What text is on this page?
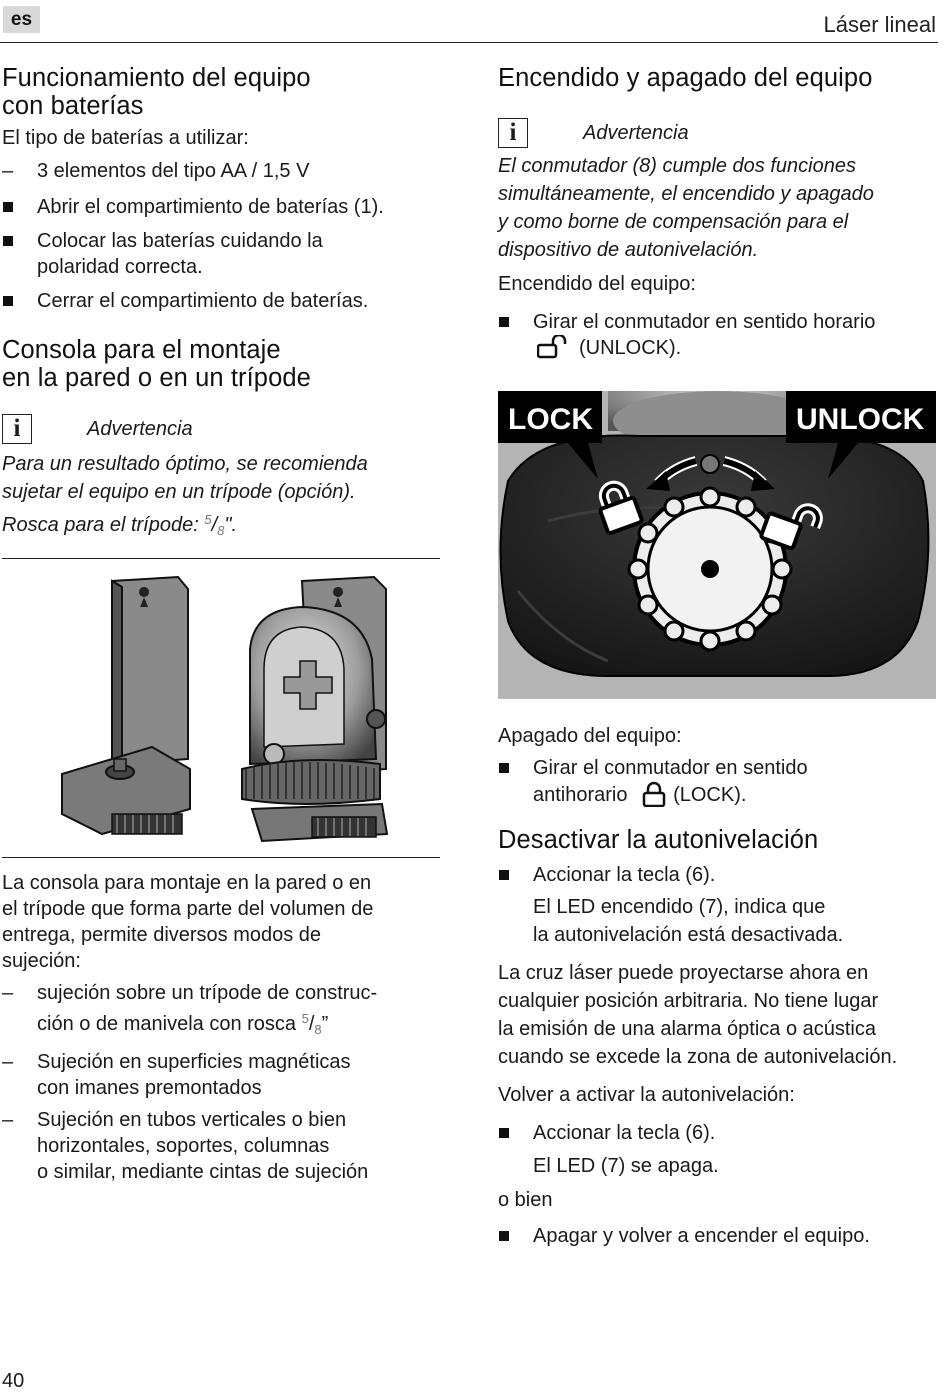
es	Láser lineal
Funcionamiento del equipo
con baterías

El tipo de baterías a utilizar:

– 3 elementos del tipo AA / 1,5 V
Abrir el compartimiento de baterías (1).
Colocar las baterías cuidando la
polaridad correcta.
Cerrar el compartimiento de baterías.
Consola para el montaje
en la pared o en un trípode
i	Advertencia

Para un resultado óptimo, se recomienda

sujetar el equipo en un trípode (opción).

Rosca para el trípode: $^5/_8$".

La consola para montaje en la pared o en

el trípode que forma parte del volumen de

entrega, permite diversos modos de

sujeción:

– sujeción sobre un trípode de construc-
ción o de manivela con rosca $^5/_8$”
– Sujeción en superficies magnéticas
con imanes premontados
– Sujeción en tubos verticales o bien
horizontales, soportes, columnas
o similar, mediante cintas de sujeción
Encendido y apagado del equipo
i	Advertencia

El conmutador (8) cumple dos funciones

simultáneamente, el encendido y apagado

y como borne de compensación para el

dispositivo de autonivelación.

Encendido del equipo:

Girar el conmutador en sentido horario
(UNLOCK).
LOCK	UNLOCK

Apagado del equipo:

Girar el conmutador en sentido
antihorario (LOCK).
Desactivar la autonivelación
Accionar la tecla (6).

El LED encendido (7), indica que

la autonivelación está desactivada.

La cruz láser puede proyectarse ahora en

cualquier posición arbitraria. No tiene lugar

la emisión de una alarma óptica o acústica

cuando se excede la zona de autonivelación.

Volver a activar la autonivelación:

Accionar la tecla (6).

El LED (7) se apaga.

o bien

Apagar y volver a encender el equipo.
40
